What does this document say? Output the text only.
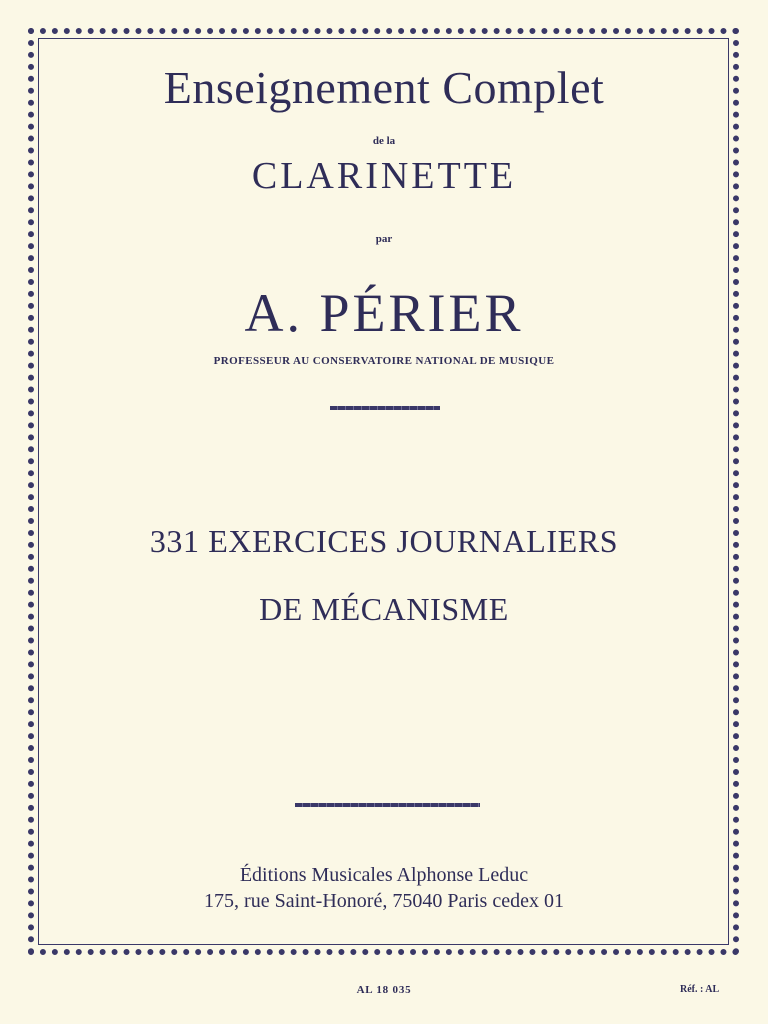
Enseignement Complet
de la
CLARINETTE
par
A. PÉRIER
PROFESSEUR AU CONSERVATOIRE NATIONAL DE MUSIQUE
331 EXERCICES JOURNALIERS
DE MÉCANISME
Éditions Musicales Alphonse Leduc
175, rue Saint-Honoré, 75040 Paris cedex 01
AL 18 035	Réf. : AL
